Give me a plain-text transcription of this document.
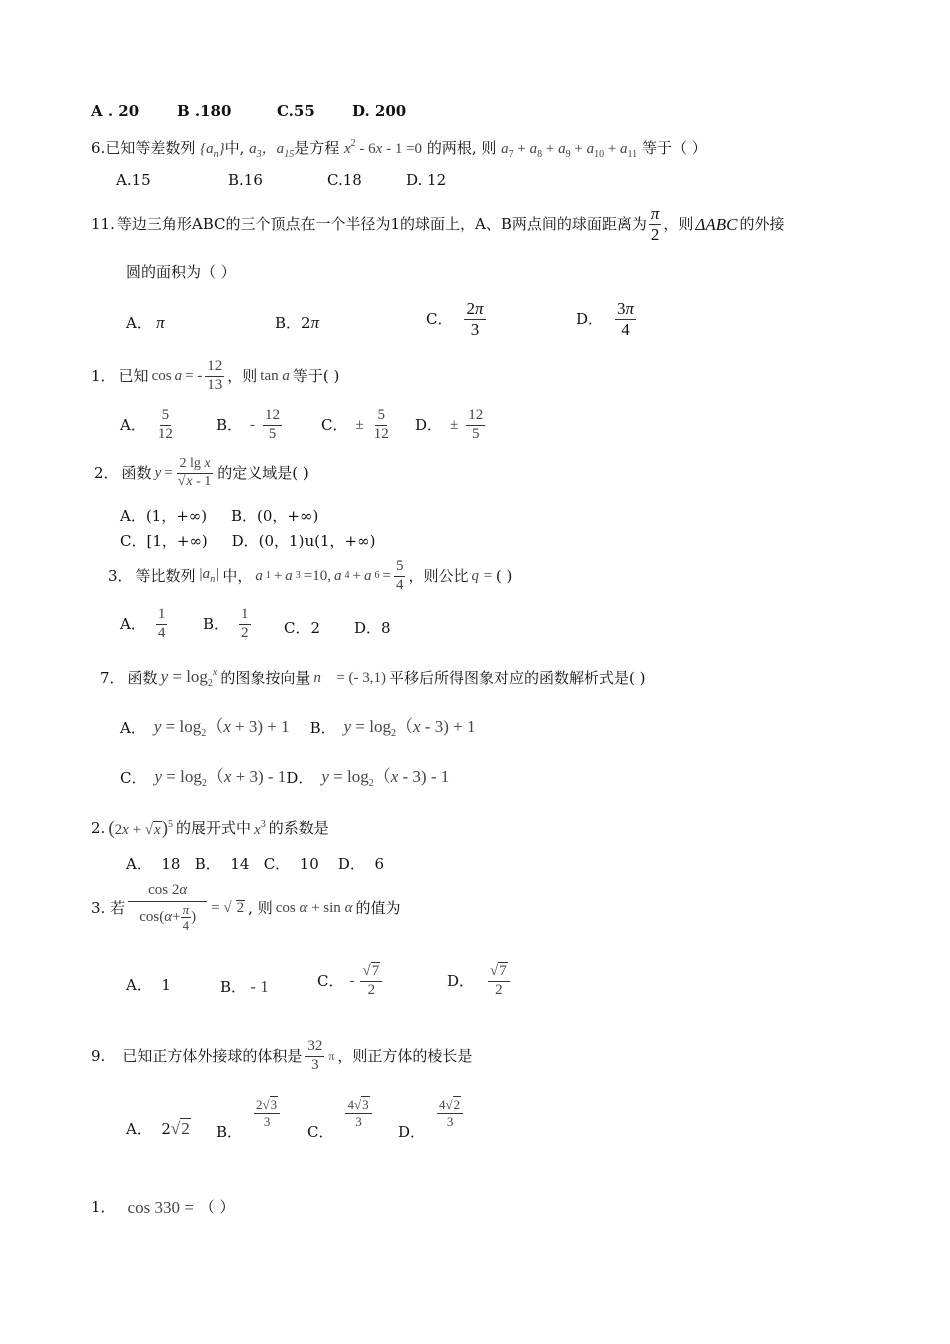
A . 20	B .180	C.55 D. 200
6.已知等差数列 $\{a_n\}$中, $a_3$，$a_{15}$是方程 $x^2 - 6x - 1 =0$ 的两根, 则 $a_7 + a_8 + a_9 + a_{10} + a_{11}$ 等于（ ）
A.15	B.16	C.18	D. 12
11. 等边三角形ABC的三个顶点在一个半径为1的球面上，A、B两点间的球面距离为 $\frac{\pi}{2}$ ，则 ΔABC 的外接
圆的面积为（ ）
A． π	B．2π	C． $\frac{2\pi}{3}$	D． $\frac{3\pi}{4}$
1． 已知 cos a = - $\frac{12}{13}$ ，则 tan a 等于( )
A． $\frac{5}{12}$	B． - $\frac{12}{5}$	C． ± $\frac{5}{12}$ D． ± $\frac{12}{5}$
2． 函数 $y = \frac{\text{2 lg x}}{√x - 1}$ 的定义域是( )
A．(1，+∞)     B．(0，+∞)
C．[1，+∞)     D．(0，1)u(1，+∞)
3． 等比数列 $|a_n|$ 中， a 1 + a 3 =10, a 4 + a $6 = \frac{5}{4}$ ，则公比 q = ( )
A． $\frac{1}{4}$ B． $\frac{1}{2}$ C．2 D．8
7． 函数 $y = \log_2^x$ 的图象按向量 n⃗ = (- 3,1) 平移后所得图象对应的函数解析式是( )
A． $y = \log_2(x + 3) + 1$ B． $y = \log_2(x - 3) + 1$
C． $y = \log_2(x + 3) - 1$ D． $y = \log_2(x - 3) - 1$
2. $(2x + √x)^5$ 的展开式中 $x^3$ 的系数是
A．  18   B．  14   C．  10    D．  6
3. 若 $\frac{\cos 2\alpha}{\cos( \alpha + \frac{\pi}{4} )}$ = √ 2 , 则 cos α + sin α 的值为
A．  1	B． - 1	C． - $\frac{√7}{2}$	D． $\frac{√7}{2}$
9. 已知正方体外接球的体积是 $\frac{32}{3}$ π ，则正方体的棱长是
A．  2√2 B．
$\frac{2√3}{3}$
C．
$\frac{4√3}{3}$
D．
$\frac{4√2}{3}$
1． cos 330 = （ ）
